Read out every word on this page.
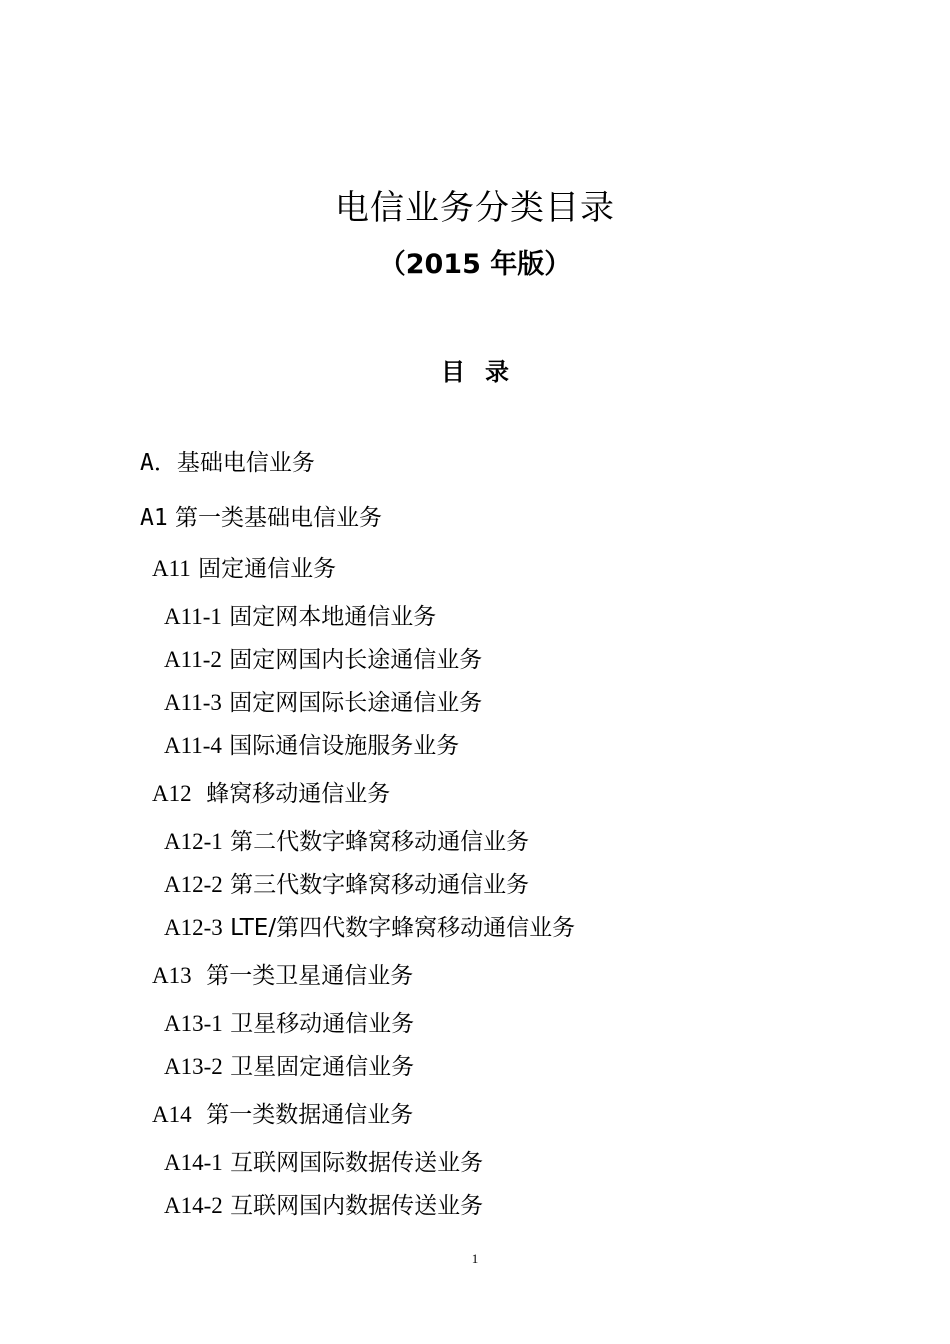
电信业务分类目录
（2015 年版）
目录
A．基础电信业务
A1 第一类基础电信业务
A11 固定通信业务
A11-1 固定网本地通信业务
A11-2 固定网国内长途通信业务
A11-3 固定网国际长途通信业务
A11-4 国际通信设施服务业务
A12 蜂窝移动通信业务
A12-1 第二代数字蜂窝移动通信业务
A12-2 第三代数字蜂窝移动通信业务
A12-3 LTE/第四代数字蜂窝移动通信业务
A13 第一类卫星通信业务
A13-1 卫星移动通信业务
A13-2 卫星固定通信业务
A14 第一类数据通信业务
A14-1 互联网国际数据传送业务
A14-2 互联网国内数据传送业务
1
